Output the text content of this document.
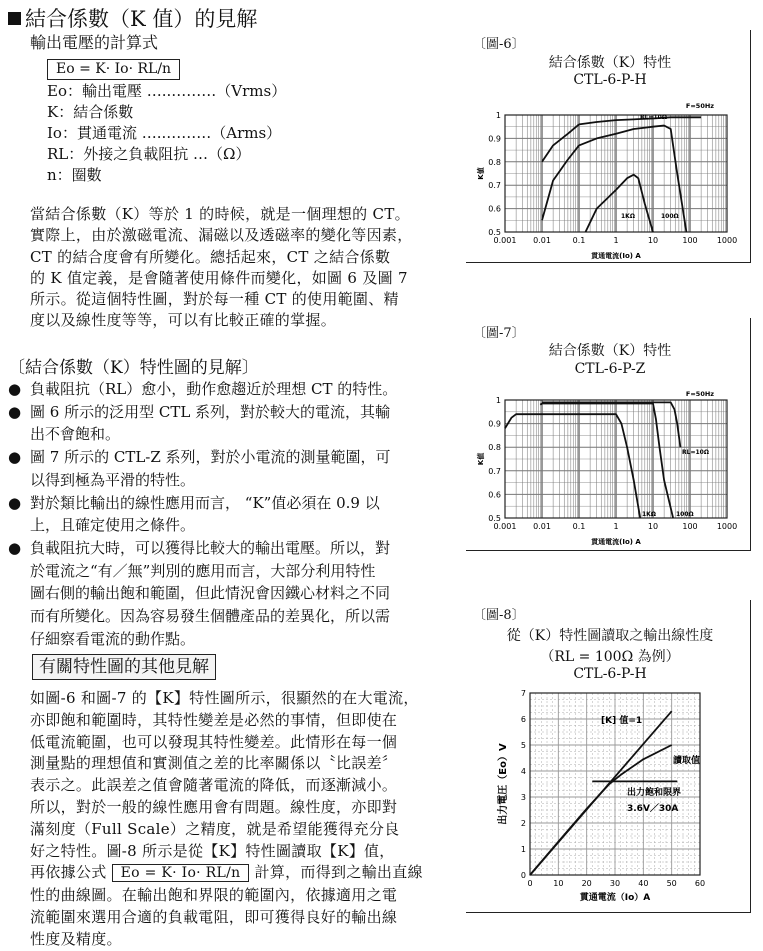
結合係數（K 值）的見解
輸出電壓的計算式
Eo = K· Io· RL/n
Eo：輸出電壓 …..………（Vrms）
K：結合係數
Io：貫通電流 …..………（Arms）
RL：外接之負載阻抗 …（Ω）
n：圈數
當結合係數（K）等於 1 的時候，就是一個理想的 CT。
實際上，由於激磁電流、漏磁以及透磁率的變化等因素，
CT 的結合度會有所變化。總括起來，CT 之結合係數
的 K 值定義，是會隨著使用條件而變化，如圖 6 及圖 7
所示。從這個特性圖，對於每一種 CT 的使用範圍、精
度以及線性度等等，可以有比較正確的掌握。
〔結合係數（K）特性圖的見解〕
● 負載阻抗（RL）愈小，動作愈趨近於理想 CT 的特性。
● 圖 6 所示的泛用型 CTL 系列，對於較大的電流，其輸
出不會飽和。
● 圖 7 所示的 CTL-Z 系列，對於小電流的測量範圍，可
以得到極為平滑的特性。
● 對於類比輸出的線性應用而言， “K”值必須在 0.9 以
上，且確定使用之條件。
● 負載阻抗大時，可以獲得比較大的輸出電壓。所以，對
於電流之“有／無”判別的應用而言，大部分利用特性
圖右側的輸出飽和範圍，但此情況會因鐵心材料之不同
而有所變化。因為容易發生個體產品的差異化，所以需
仔細察看電流的動作點。
有關特性圖的其他見解
如圖-6 和圖-7 的【K】特性圖所示，很顯然的在大電流，
亦即飽和範圍時，其特性變差是必然的事情，但即使在
低電流範圍，也可以發現其特性變差。此情形在每一個
測量點的理想值和實測值之差的比率關係以〝比誤差〞
表示之。此誤差之值會隨著電流的降低，而逐漸減小。
所以，對於一般的線性應用會有問題。線性度，亦即對
滿刻度（Full Scale）之精度，就是希望能獲得充分良
好之特性。圖-8 所示是從【K】特性圖讀取【K】值，
再依據公式 Eo = K· Io· RL/n 計算，而得到之輸出直線
性的曲線圖。在輸出飽和界限的範圍內，依據適用之電
流範圍來選用合適的負載電阻，即可獲得良好的輸出線
性度及精度。
〔圖-6〕
結合係數（K）特性
CTL-6-P-H
〔圖-7〕
結合係數（K）特性
CTL-6-P-Z
〔圖-8〕
從（K）特性圖讀取之輸出線性度
（RL = 100Ω 為例）
CTL-6-P-H
0.001 0.01	0.1	1	10	100 1000
0.5
0.6
0.7
0.8
0.9
1
貫通電流(Io) A
K値
RL=10Ω
100Ω
1KΩ
F=50Hz
0.001 0.01	0.1	1	10	100 1000
0.5
0.6
0.7
0.8
0.9
1
貫通電流(Io) A
K値
RL=10Ω
100Ω
1KΩ
F=50Hz
0	10 20 30 40 50 60
0
1
2
3
4
5
6
7
貫通電流（Io）A
出力電圧（Eo）V
[K] 值=1
讀取值
出力飽和限界
3.6V／30A
